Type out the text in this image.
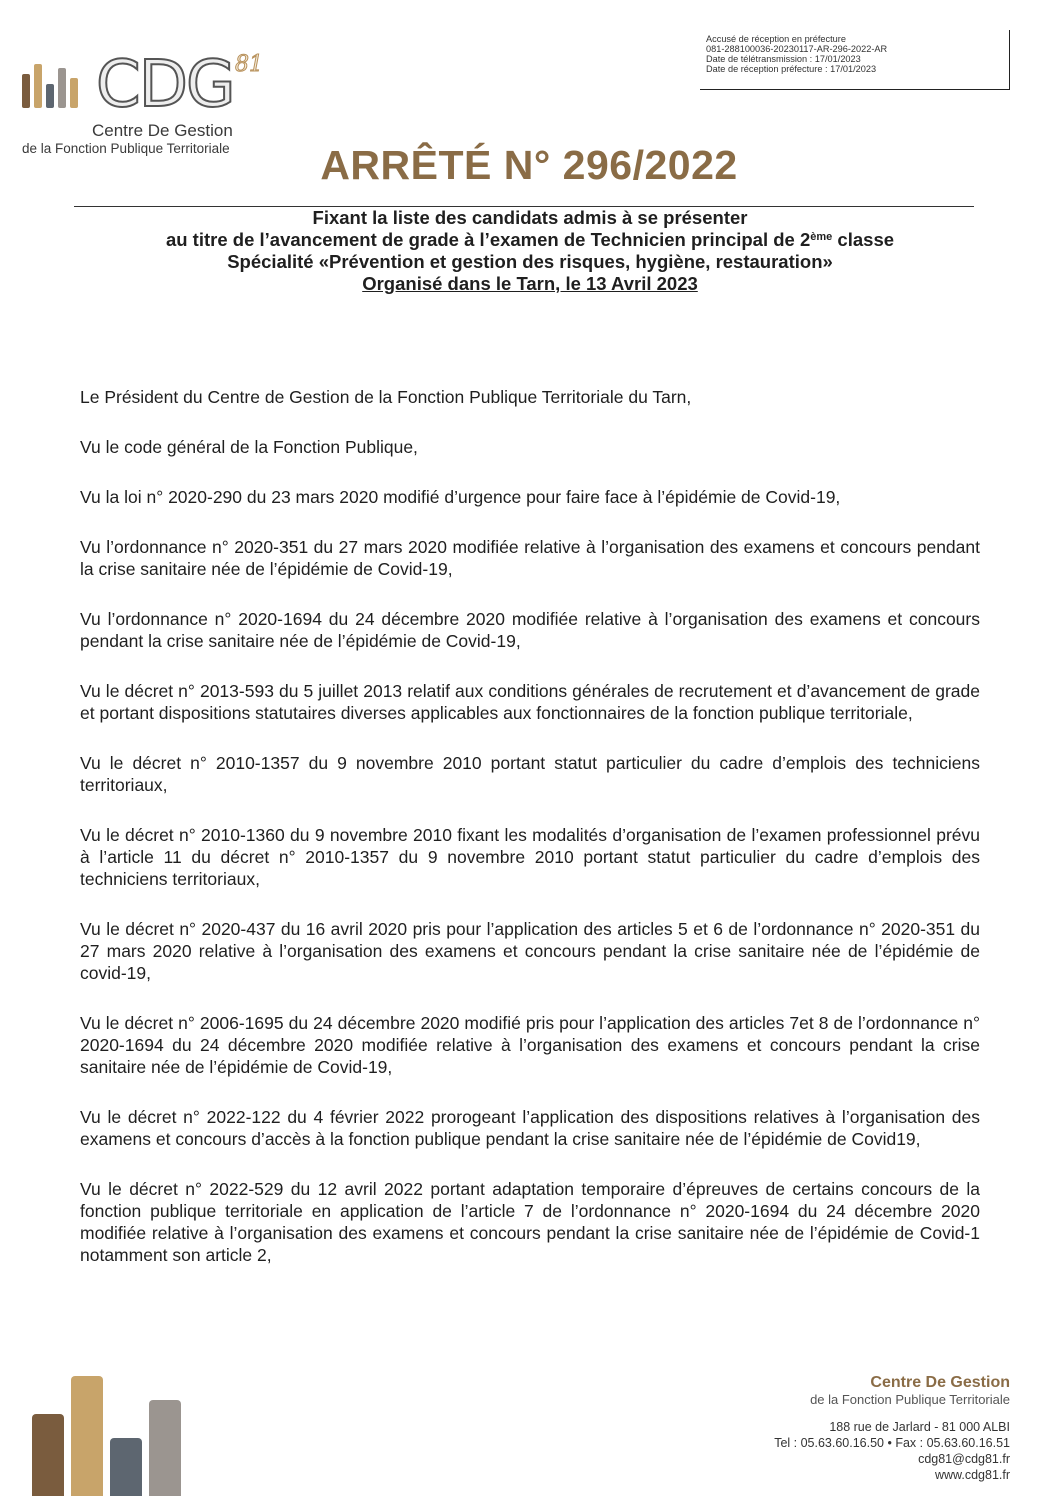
CDG 81
Centre De Gestion
de la Fonction Publique Territoriale
Accusé de réception en préfecture
081-288100036-20230117-AR-296-2022-AR
Date de télétransmission : 17/01/2023
Date de réception préfecture : 17/01/2023
ARRÊTÉ N° 296/2022
Fixant la liste des candidats admis à se présenter
au titre de l’avancement de grade à l’examen de Technicien principal de 2ème classe
Spécialité «Prévention et gestion des risques, hygiène, restauration»
Organisé dans le Tarn, le 13 Avril 2023

Le Président du Centre de Gestion de la Fonction Publique Territoriale du Tarn,

Vu le code général de la Fonction Publique,

Vu la loi n° 2020-290 du 23 mars 2020 modifié d’urgence pour faire face à l’épidémie de Covid-19,

Vu l’ordonnance n° 2020-351 du 27 mars 2020 modifiée relative à l’organisation des examens et concours pendant la crise sanitaire née de l’épidémie de Covid-19,

Vu l’ordonnance n° 2020-1694 du 24 décembre 2020 modifiée relative à l’organisation des examens et concours pendant la crise sanitaire née de l’épidémie de Covid-19,

Vu le décret n° 2013-593 du 5 juillet 2013 relatif aux conditions générales de recrutement et d’avancement de grade et portant dispositions statutaires diverses applicables aux fonctionnaires de la fonction publique territoriale,

Vu le décret n° 2010-1357 du 9 novembre 2010 portant statut particulier du cadre d’emplois des techniciens territoriaux,

Vu le décret n° 2010-1360 du 9 novembre 2010 fixant les modalités d’organisation de l’examen professionnel prévu à l’article 11 du décret n° 2010-1357 du 9 novembre 2010 portant statut particulier du cadre d’emplois des techniciens territoriaux,

Vu le décret n° 2020-437 du 16 avril 2020 pris pour l’application des articles 5 et 6 de l’ordonnance n° 2020-351 du 27 mars 2020 relative à l’organisation des examens et concours pendant la crise sanitaire née de l’épidémie de covid-19,

Vu le décret n° 2006-1695 du 24 décembre 2020 modifié pris pour l’application des articles 7et 8 de l’ordonnance n° 2020-1694 du 24 décembre 2020 modifiée relative à l’organisation des examens et concours pendant la crise sanitaire née de l’épidémie de Covid-19,

Vu le décret n° 2022-122 du 4 février 2022 prorogeant l’application des dispositions relatives à l’organisation des examens et concours d’accès à la fonction publique pendant la crise sanitaire née de l’épidémie de Covid19,

Vu le décret n° 2022-529 du 12 avril 2022 portant adaptation temporaire d’épreuves de certains concours de la fonction publique territoriale en application de l’article 7 de l’ordonnance n° 2020-1694 du 24 décembre 2020 modifiée relative à l’organisation des examens et concours pendant la crise sanitaire née de l’épidémie de Covid-1 notamment son article 2,

Centre De Gestion
de la Fonction Publique Territoriale
188 rue de Jarlard - 81 000 ALBI
Tel : 05.63.60.16.50 • Fax : 05.63.60.16.51
cdg81@cdg81.fr
www.cdg81.fr
